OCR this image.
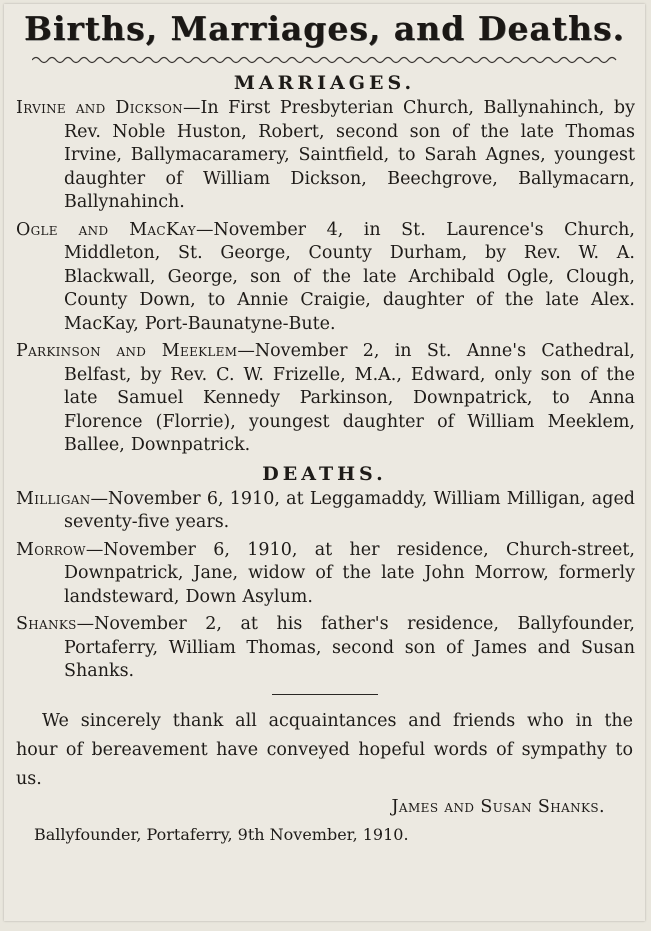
Births, Marriages, and Deaths.
MARRIAGES.

Irvine and Dickson—In First Presbyterian Church, Ballynahinch, by Rev. Noble Huston, Robert, second son of the late Thomas Irvine, Ballymacaramery, Saintfield, to Sarah Agnes, youngest daughter of William Dickson, Beechgrove, Ballymacarn, Ballynahinch.

Ogle and MacKay—November 4, in St. Laurence's Church, Middleton, St. George, County Durham, by Rev. W. A. Blackwall, George, son of the late Archibald Ogle, Clough, County Down, to Annie Craigie, daughter of the late Alex. MacKay, Port-Baunatyne-Bute.

Parkinson and Meeklem—November 2, in St. Anne's Cathedral, Belfast, by Rev. C. W. Frizelle, M.A., Edward, only son of the late Samuel Kennedy Parkinson, Downpatrick, to Anna Florence (Florrie), youngest daughter of William Meeklem, Ballee, Downpatrick.

DEATHS.

Milligan—November 6, 1910, at Leggamaddy, William Milligan, aged seventy-five years.

Morrow—November 6, 1910, at her residence, Church-street, Downpatrick, Jane, widow of the late John Morrow, formerly landsteward, Down Asylum.

Shanks—November 2, at his father's residence, Ballyfounder, Portaferry, William Thomas, second son of James and Susan Shanks.

We sincerely thank all acquaintances and friends who in the hour of bereavement have conveyed hopeful words of sympathy to us.

James and Susan Shanks.
Ballyfounder, Portaferry, 9th November, 1910.
